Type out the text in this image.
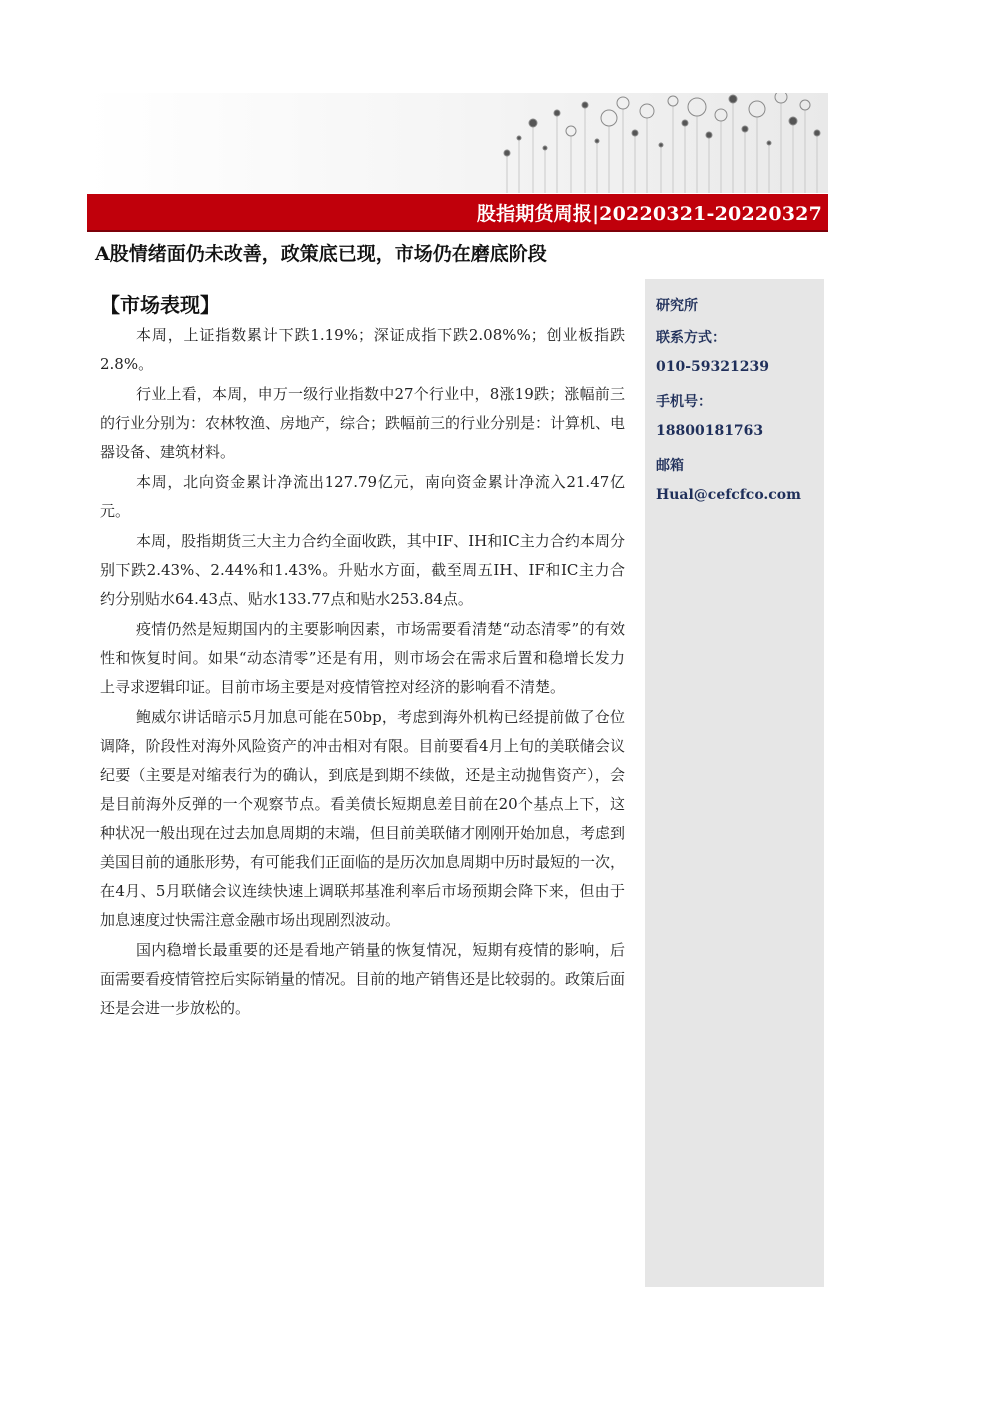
股指期货周报|20220321-20220327
A股情绪面仍未改善，政策底已现，市场仍在磨底阶段
【市场表现】

本周，上证指数累计下跌1.19%；深证成指下跌2.08%%；创业板指跌2.8%。

行业上看，本周，申万一级行业指数中27个行业中，8涨19跌；涨幅前三的行业分别为：农林牧渔、房地产，综合；跌幅前三的行业分别是：计算机、电器设备、建筑材料。

本周，北向资金累计净流出127.79亿元，南向资金累计净流入21.47亿元。

本周，股指期货三大主力合约全面收跌，其中IF、IH和IC主力合约本周分别下跌2.43%、2.44%和1.43%。升贴水方面，截至周五IH、IF和IC主力合约分别贴水64.43点、贴水133.77点和贴水253.84点。

疫情仍然是短期国内的主要影响因素，市场需要看清楚“动态清零”的有效性和恢复时间。如果“动态清零”还是有用，则市场会在需求后置和稳增长发力上寻求逻辑印证。目前市场主要是对疫情管控对经济的影响看不清楚。

鲍威尔讲话暗示5月加息可能在50bp，考虑到海外机构已经提前做了仓位调降，阶段性对海外风险资产的冲击相对有限。目前要看4月上旬的美联储会议纪要（主要是对缩表行为的确认，到底是到期不续做，还是主动抛售资产），会是目前海外反弹的一个观察节点。看美债长短期息差目前在20个基点上下，这种状况一般出现在过去加息周期的末端，但目前美联储才刚刚开始加息，考虑到美国目前的通胀形势，有可能我们正面临的是历次加息周期中历时最短的一次，在4月、5月联储会议连续快速上调联邦基准利率后市场预期会降下来，但由于加息速度过快需注意金融市场出现剧烈波动。

国内稳增长最重要的还是看地产销量的恢复情况，短期有疫情的影响，后面需要看疫情管控后实际销量的情况。目前的地产销售还是比较弱的。政策后面还是会进一步放松的。

研究所
联系方式：
010-59321239
手机号：
18800181763
邮箱
Hual@cefcfco.com
